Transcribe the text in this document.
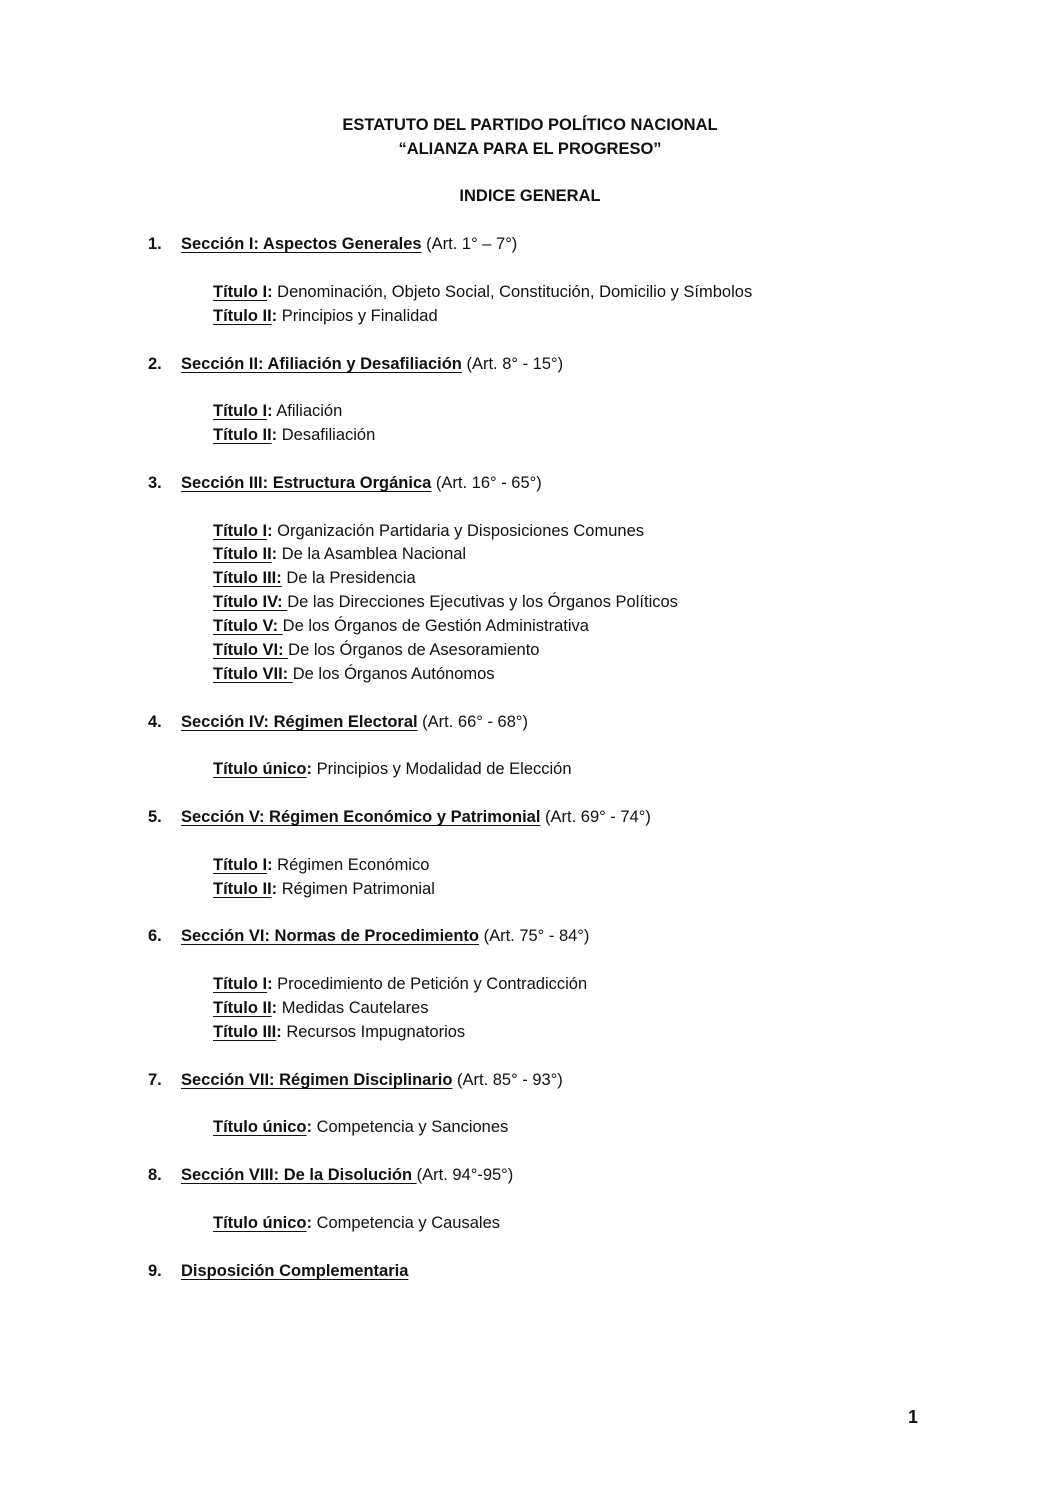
ESTATUTO DEL PARTIDO POLÍTICO NACIONAL
“ALIANZA PARA EL PROGRESO”
INDICE GENERAL
1. Sección I: Aspectos Generales (Art. 1° – 7°)
Título I: Denominación, Objeto Social, Constitución, Domicilio y Símbolos
Título II: Principios y Finalidad
2. Sección II: Afiliación y Desafiliación (Art. 8° - 15°)
Título I: Afiliación
Título II: Desafiliación
3. Sección III: Estructura Orgánica (Art. 16° - 65°)
Título I: Organización Partidaria y Disposiciones Comunes
Título II: De la Asamblea Nacional
Título III: De la Presidencia
Título IV: De las Direcciones Ejecutivas y los Órganos Políticos
Título V: De los Órganos de Gestión Administrativa
Título VI: De los Órganos de Asesoramiento
Título VII: De los Órganos Autónomos
4. Sección IV: Régimen Electoral (Art. 66° - 68°)
Título único: Principios y Modalidad de Elección
5. Sección V: Régimen Económico y Patrimonial (Art. 69° - 74°)
Título I: Régimen Económico
Título II: Régimen Patrimonial
6. Sección VI: Normas de Procedimiento (Art. 75° - 84°)
Título I: Procedimiento de Petición y Contradicción
Título II: Medidas Cautelares
Título III: Recursos Impugnatorios
7. Sección VII: Régimen Disciplinario (Art. 85° - 93°)
Título único: Competencia y Sanciones
8. Sección VIII: De la Disolución (Art. 94°-95°)
Título único: Competencia y Causales
9. Disposición Complementaria
1
